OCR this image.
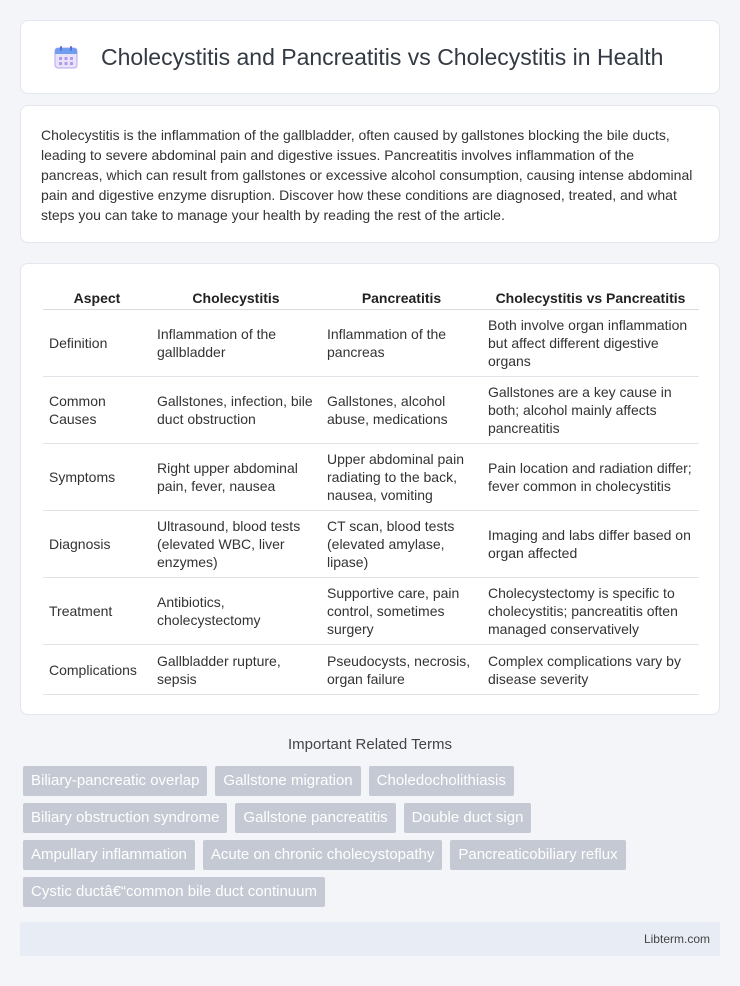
Cholecystitis and Pancreatitis vs Cholecystitis in Health

Cholecystitis is the inflammation of the gallbladder, often caused by gallstones blocking the bile ducts, leading to severe abdominal pain and digestive issues. Pancreatitis involves inflammation of the pancreas, which can result from gallstones or excessive alcohol consumption, causing intense abdominal pain and digestive enzyme disruption. Discover how these conditions are diagnosed, treated, and what steps you can take to manage your health by reading the rest of the article.

Aspect	Cholecystitis	Pancreatitis	Cholecystitis vs Pancreatitis
Definition	Inflammation of the gallbladder	Inflammation of the pancreas	Both involve organ inflammation but affect different digestive organs
Common Causes	Gallstones, infection, bile duct obstruction	Gallstones, alcohol abuse, medications	Gallstones are a key cause in both; alcohol mainly affects pancreatitis
Symptoms	Right upper abdominal pain, fever, nausea	Upper abdominal pain radiating to the back, nausea, vomiting	Pain location and radiation differ; fever common in cholecystitis
Diagnosis	Ultrasound, blood tests (elevated WBC, liver enzymes)	CT scan, blood tests (elevated amylase, lipase)	Imaging and labs differ based on organ affected
Treatment	Antibiotics, cholecystectomy	Supportive care, pain control, sometimes surgery	Cholecystectomy is specific to cholecystitis; pancreatitis often managed conservatively
Complications	Gallbladder rupture, sepsis	Pseudocysts, necrosis, organ failure	Complex complications vary by disease severity
Important Related Terms
Biliary-pancreatic overlap	Gallstone migration	Choledocholithiasis
Biliary obstruction syndrome	Gallstone pancreatitis	Double duct sign
Ampullary inflammation	Acute on chronic cholecystopathy	Pancreaticobiliary reflux
Cystic ductâ€“common bile duct continuum
Libterm.com
